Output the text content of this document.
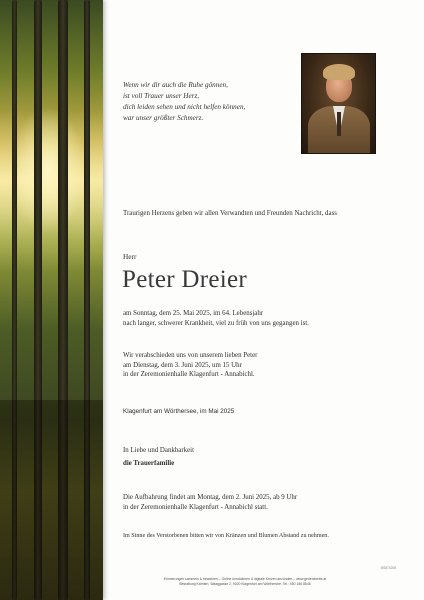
Wenn wir dir auch die Ruhe gönnen,
ist voll Trauer unser Herz,
dich leiden sehen und nicht helfen können,
war unser größter Schmerz.
Traurigen Herzens geben wir allen Verwandten und Freunden Nachricht, dass
Herr
Peter Dreier
am Sonntag, dem 25. Mai 2025, im 64. Lebensjahr
nach langer, schwerer Krankheit, viel zu früh von uns gegangen ist.
Wir verabschieden uns von unserem lieben Peter
am Dienstag, dem 3. Juni 2025, um 15 Uhr
in der Zeremonienhalle Klagenfurt - Annabichl.
Klagenfurt am Wörthersee, im Mai 2025
In Liebe und Dankbarkeit
die Trauerfamilie
Die Aufbahrung findet am Montag, dem 2. Juni 2025, ab 9 Uhr
in der Zeremonienhalle Klagenfurt - Annabichl statt.
Im Sinne des Verstorbenen bitten wir von Kränzen und Blumen Abstand zu nehmen.
BS874208
Erinnerungen sammeln & bewahren – Online kondolieren & digitale Kerzen anzünden – www.gedenkseite.at
Bestattung Kärnten, Waaggasse 2, 9020 Klagenfurt am Wörthersee, Tel.: 050 186 8848
